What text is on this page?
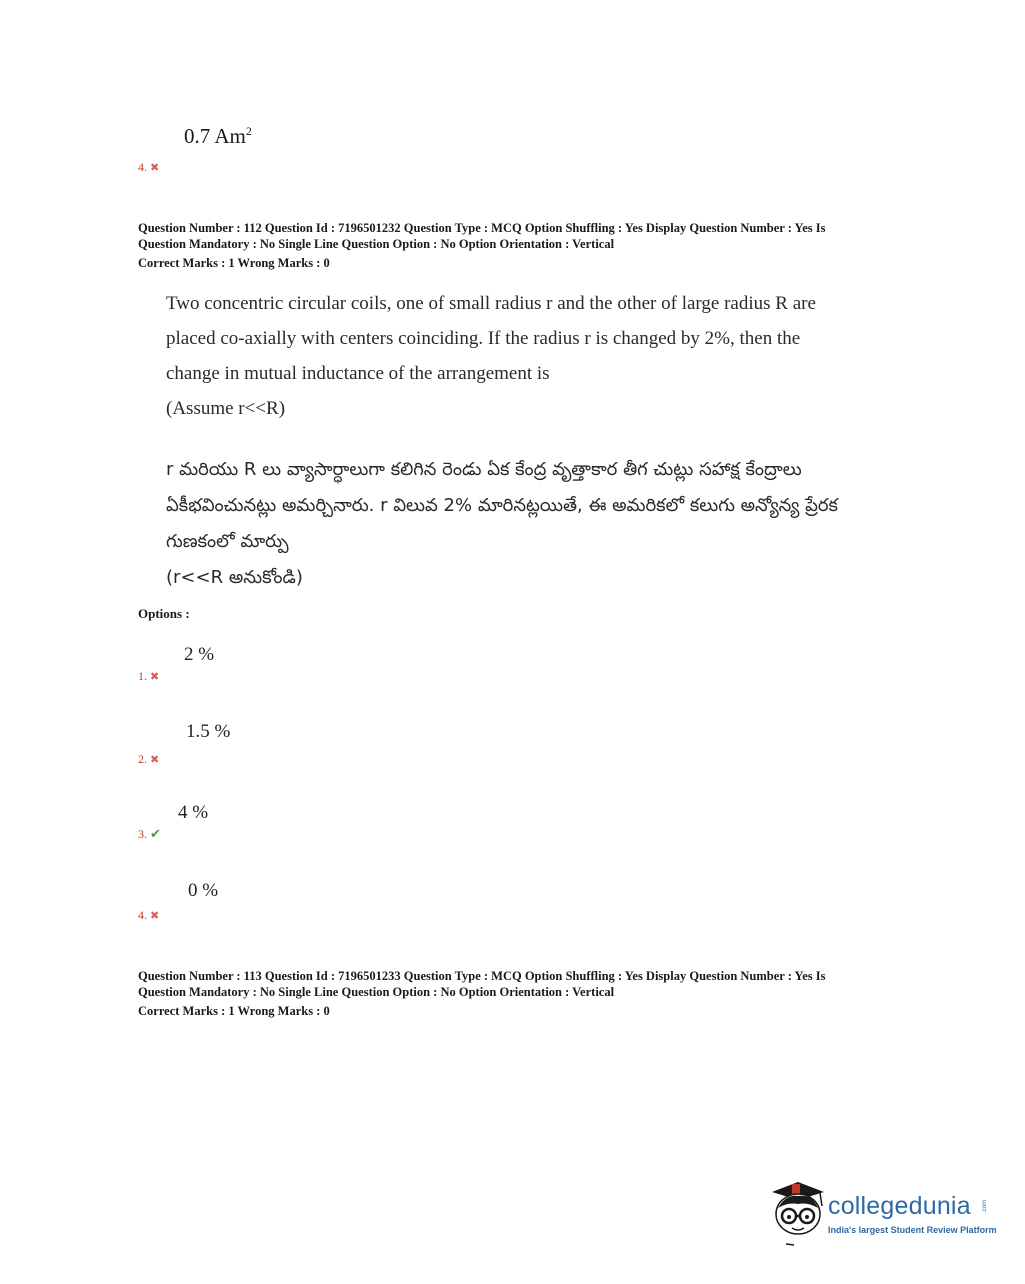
0.7 Am$^2$
4. ✖
Question Number : 112 Question Id : 7196501232 Question Type : MCQ Option Shuffling : Yes Display Question Number : Yes Is
Question Mandatory : No Single Line Question Option : No Option Orientation : Vertical
Correct Marks : 1 Wrong Marks : 0
Two concentric circular coils, one of small radius r and the other of large radius R are
placed co-axially with centers coinciding. If the radius r is changed by 2%, then the
change in mutual inductance of the arrangement is
(Assume r<<R)
r మరియు R లు వ్యాసార్ధాలుగా కలిగిన రెండు ఏక కేంద్ర వృత్తాకార తీగ చుట్లు సహాక్ష కేంద్రాలు
ఏకీభవించునట్లు అమర్చినారు. r విలువ 2% మారినట్లయితే, ఈ అమరికలో కలుగు అన్యోన్య ప్రేరక
గుణకంలో మార్పు
(r<<R అనుకోండి)
Options :
2 %
1. ✖
1.5 %
2. ✖
4 %
3. ✔
0 %
4. ✖
Question Number : 113 Question Id : 7196501233 Question Type : MCQ Option Shuffling : Yes Display Question Number : Yes Is
Question Mandatory : No Single Line Question Option : No Option Orientation : Vertical
Correct Marks : 1 Wrong Marks : 0
collegedunia .com
India's largest Student Review Platform
